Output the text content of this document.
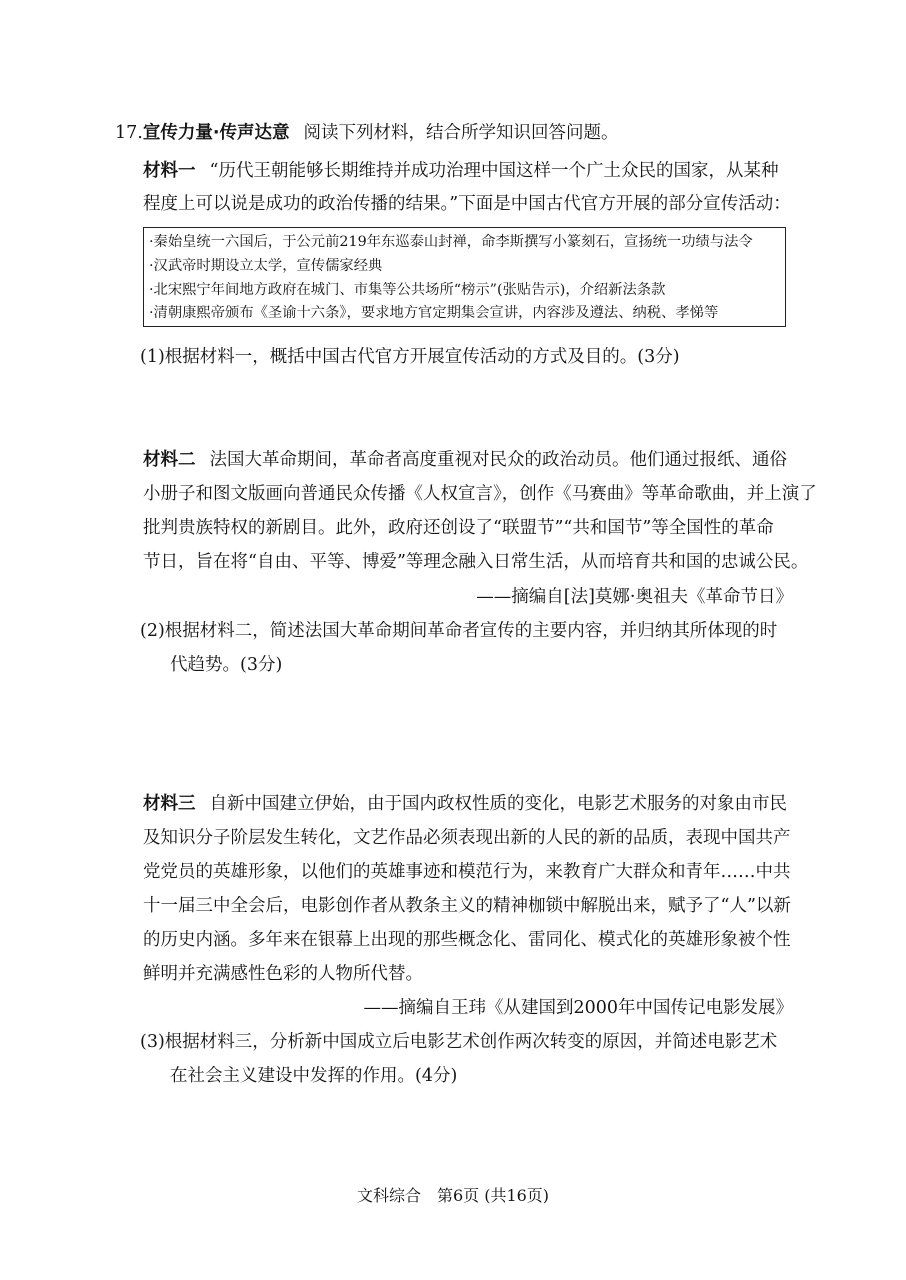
17.宣传力量·传声达意 阅读下列材料，结合所学知识回答问题。
材料一 “历代王朝能够长期维持并成功治理中国这样一个广土众民的国家，从某种
程度上可以说是成功的政治传播的结果。”下面是中国古代官方开展的部分宣传活动：
·秦始皇统一六国后，于公元前219年东巡泰山封禅，命李斯撰写小篆刻石，宣扬统一功绩与法令
·汉武帝时期设立太学，宣传儒家经典
·北宋熙宁年间地方政府在城门、市集等公共场所“榜示”(张贴告示)，介绍新法条款
·清朝康熙帝颁布《圣谕十六条》，要求地方官定期集会宣讲，内容涉及遵法、纳税、孝悌等
(1)根据材料一，概括中国古代官方开展宣传活动的方式及目的。(3分)
材料二 法国大革命期间，革命者高度重视对民众的政治动员。他们通过报纸、通俗
小册子和图文版画向普通民众传播《人权宣言》，创作《马赛曲》等革命歌曲，并上演了
批判贵族特权的新剧目。此外，政府还创设了“联盟节”“共和国节”等全国性的革命
节日，旨在将“自由、平等、博爱”等理念融入日常生活，从而培育共和国的忠诚公民。
——摘编自[法]莫娜·奥祖夫《革命节日》
(2)根据材料二，简述法国大革命期间革命者宣传的主要内容，并归纳其所体现的时
代趋势。(3分)
材料三 自新中国建立伊始，由于国内政权性质的变化，电影艺术服务的对象由市民
及知识分子阶层发生转化，文艺作品必须表现出新的人民的新的品质，表现中国共产
党党员的英雄形象，以他们的英雄事迹和模范行为，来教育广大群众和青年……中共
十一届三中全会后，电影创作者从教条主义的精神枷锁中解脱出来，赋予了“人”以新
的历史内涵。多年来在银幕上出现的那些概念化、雷同化、模式化的英雄形象被个性
鲜明并充满感性色彩的人物所代替。
——摘编自王玮《从建国到2000年中国传记电影发展》
(3)根据材料三，分析新中国成立后电影艺术创作两次转变的原因，并简述电影艺术
在社会主义建设中发挥的作用。(4分)
文科综合　第6页 (共16页)
